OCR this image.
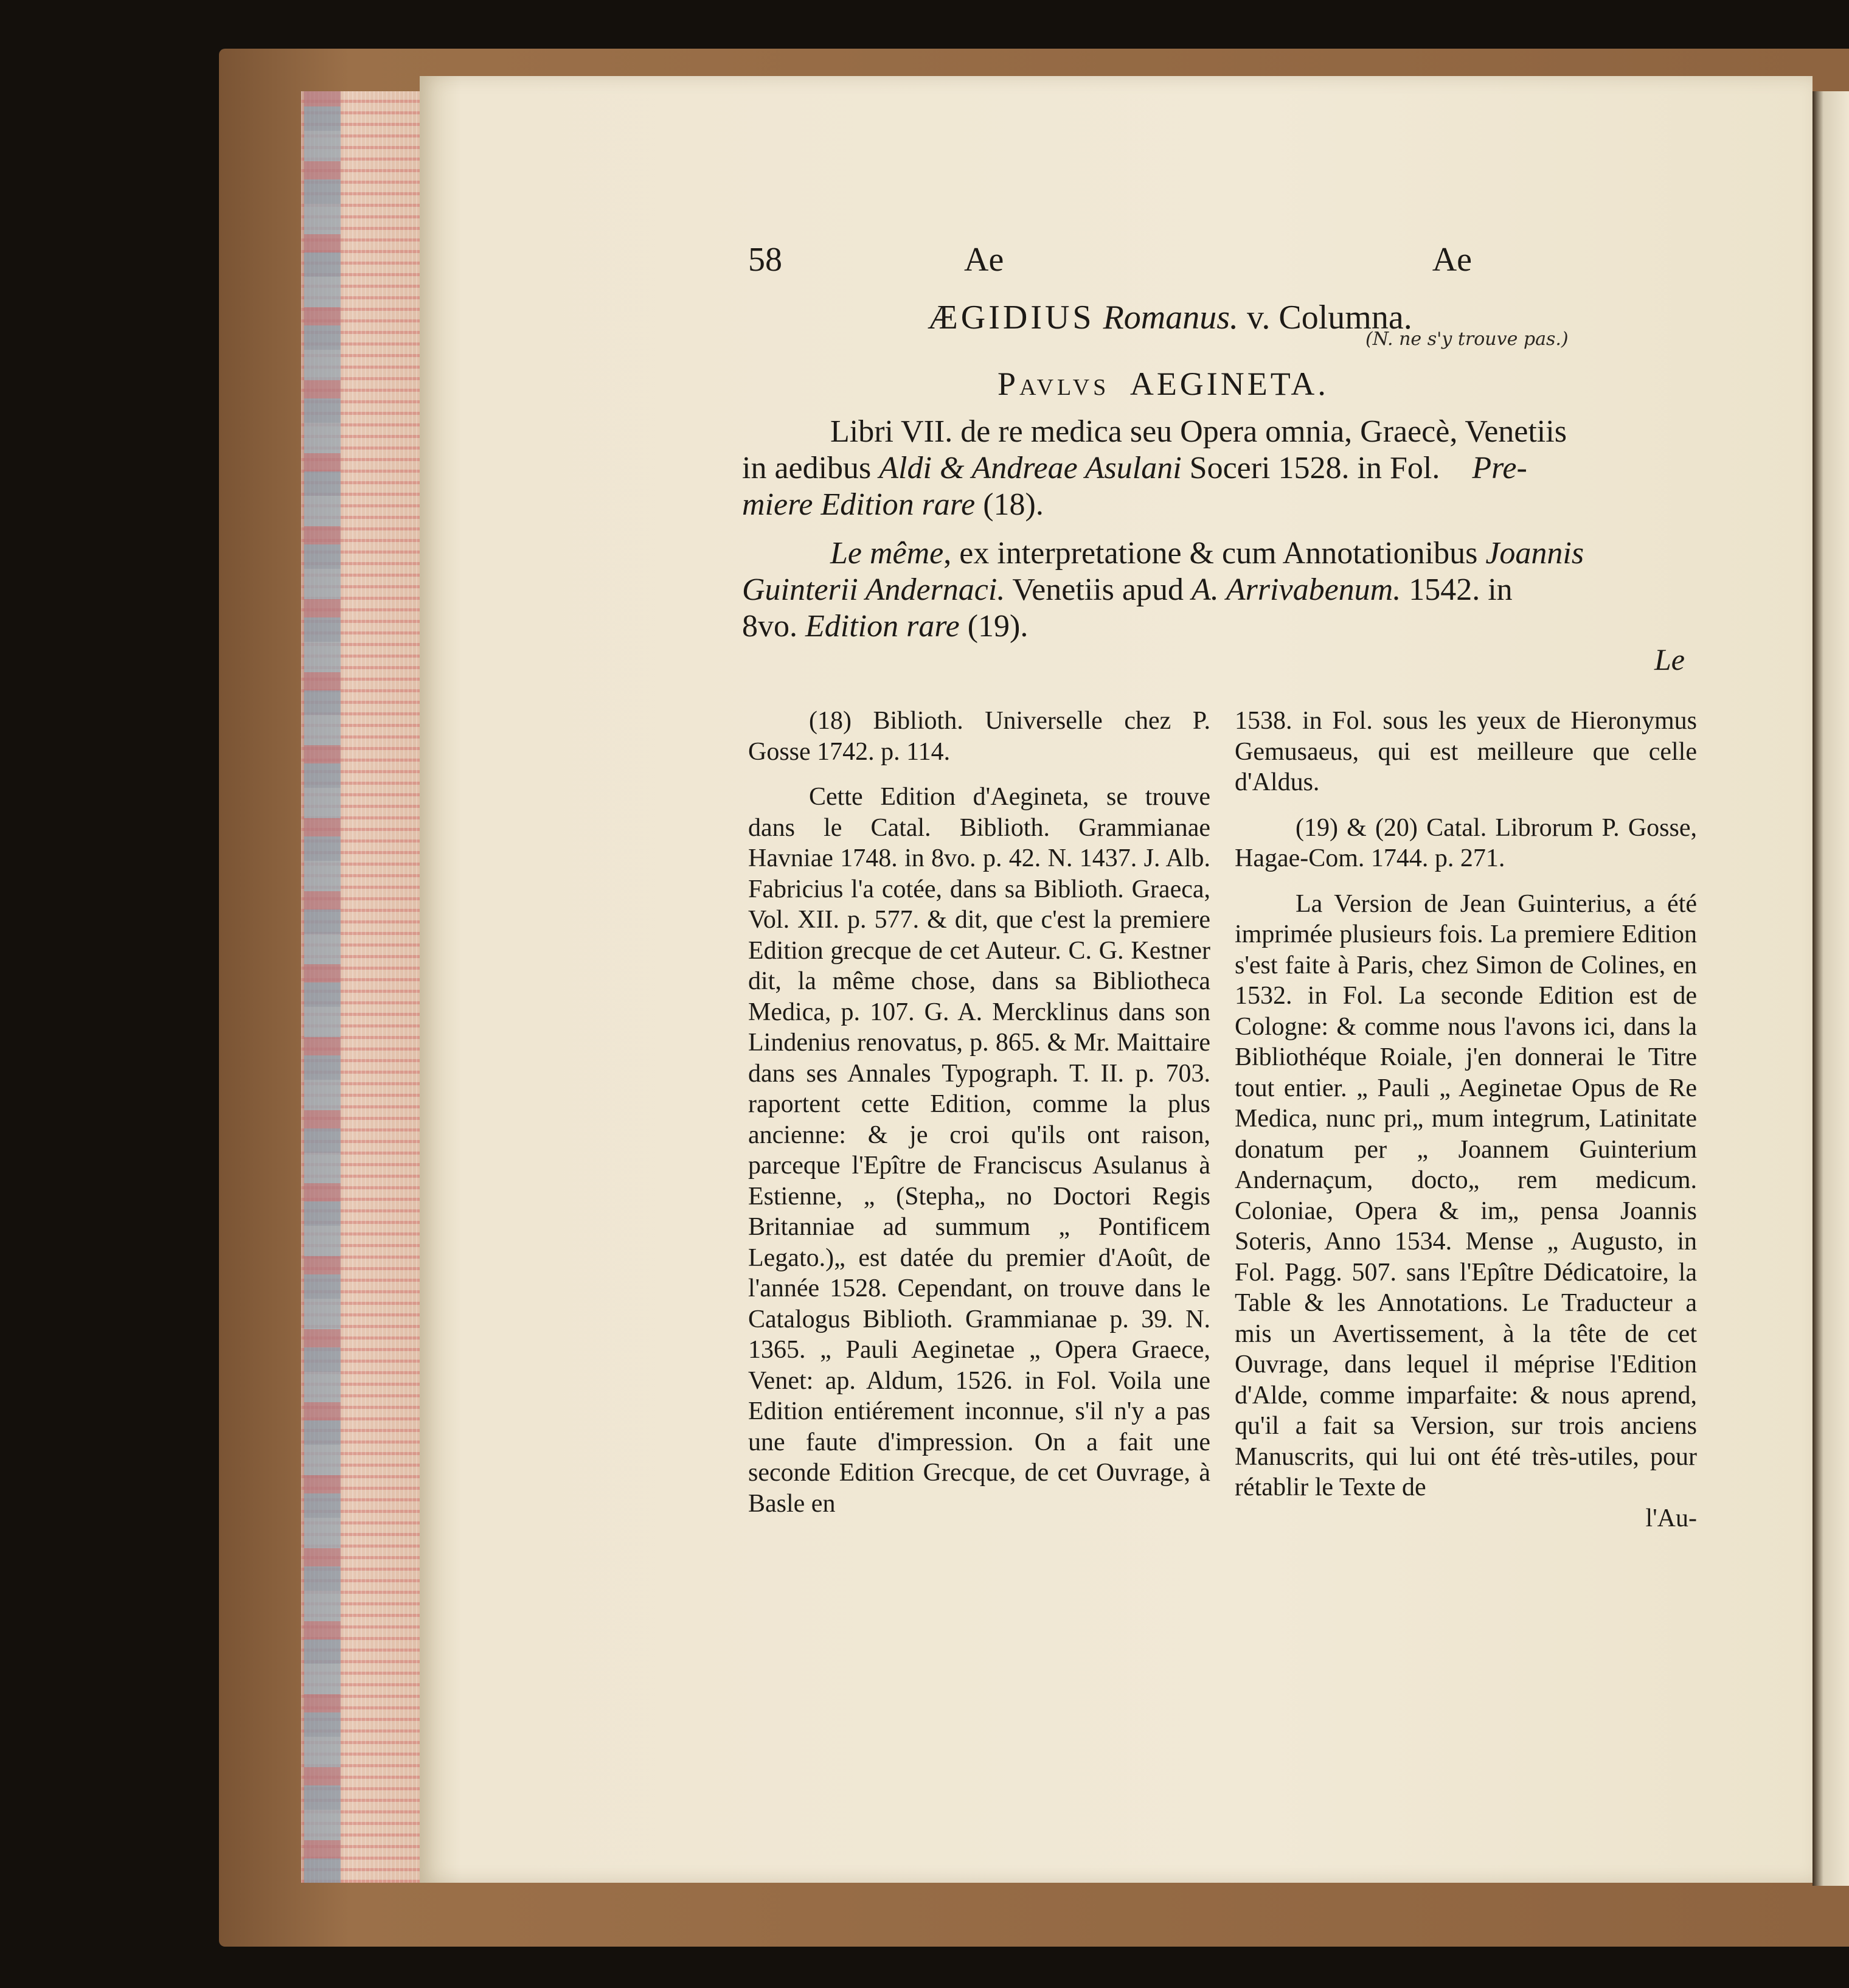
58	Ae	Ae
ÆGIDIUS Romanus. v. Columna.
(N. ne s'y trouve pas.)
Pavlvs AEGINETA.
Libri VII. de re medica seu Opera omnia, Graecè, Venetiis
in aedibus Aldi & Andreae Asulani Soceri 1528. in Fol. Pre-
miere Edition rare (18).
Le même, ex interpretatione & cum Annotationibus Joannis
Guinterii Andernaci. Venetiis apud A. Arrivabenum. 1542. in
8vo. Edition rare (19).
Le

(18) Biblioth. Universelle chez P. Gosse 1742. p. 114.

Cette Edition d'Aegineta, se trouve dans le Catal. Biblioth. Grammianae Havniae 1748. in 8vo. p. 42. N. 1437. J. Alb. Fabricius l'a cotée, dans sa Biblioth. Graeca, Vol. XII. p. 577. & dit, que c'est la premiere Edition grecque de cet Auteur. C. G. Kestner dit, la même chose, dans sa Bibliotheca Medica, p. 107. G. A. Mercklinus dans son Lindenius renovatus, p. 865. & Mr. Maittaire dans ses Annales Typograph. T. II. p. 703. raportent cette Edition, comme la plus ancienne: & je croi qu'ils ont raison, parceque l'Epître de Franciscus Asulanus à Estienne, „ (Stepha„ no Doctori Regis Britanniae ad summum „ Pontificem Legato.)„ est datée du premier d'Août, de l'année 1528. Cependant, on trouve dans le Catalogus Biblioth. Grammianae p. 39. N. 1365. „ Pauli Aeginetae „ Opera Graece, Venet: ap. Aldum, 1526. in Fol. Voila une Edition entiérement inconnue, s'il n'y a pas une faute d'impression. On a fait une seconde Edition Grecque, de cet Ouvrage, à Basle en

1538. in Fol. sous les yeux de Hieronymus Gemusaeus, qui est meilleure que celle d'Aldus.

(19) & (20) Catal. Librorum P. Gosse, Hagae-Com. 1744. p. 271.

La Version de Jean Guinterius, a été imprimée plusieurs fois. La premiere Edition s'est faite à Paris, chez Simon de Colines, en 1532. in Fol. La seconde Edition est de Cologne: & comme nous l'avons ici, dans la Bibliothéque Roiale, j'en donnerai le Titre tout entier. „ Pauli „ Aeginetae Opus de Re Medica, nunc pri„ mum integrum, Latinitate donatum per „ Joannem Guinterium Andernaçum, docto„ rem medicum. Coloniae, Opera & im„ pensa Joannis Soteris, Anno 1534. Mense „ Augusto, in Fol. Pagg. 507. sans l'Epître Dédicatoire, la Table & les Annotations. Le Traducteur a mis un Avertissement, à la tête de cet Ouvrage, dans lequel il méprise l'Edition d'Alde, comme imparfaite: & nous aprend, qu'il a fait sa Version, sur trois anciens Manuscrits, qui lui ont été très-utiles, pour rétablir le Texte de

l'Au-
